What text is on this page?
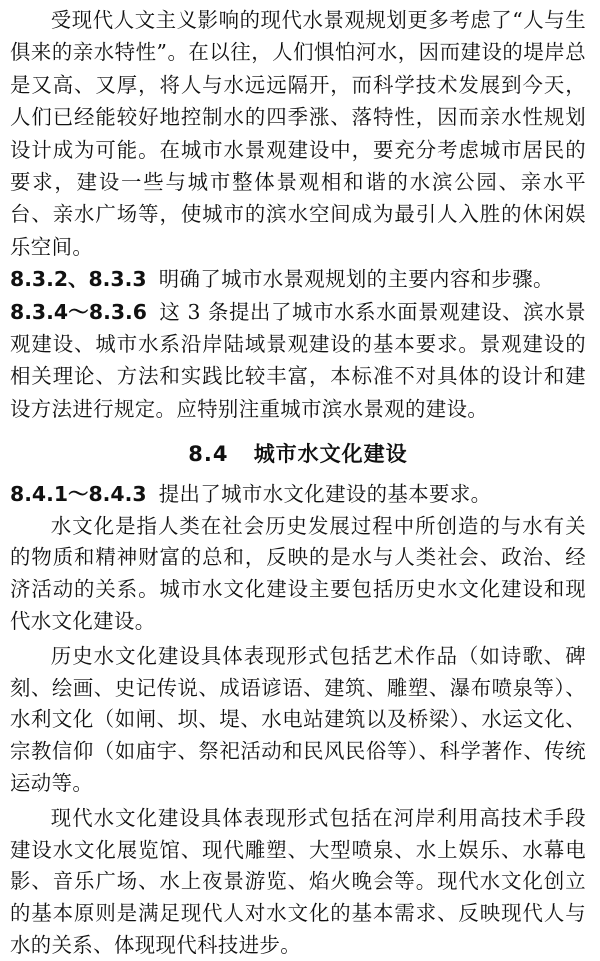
受现代人文主义影响的现代水景观规划更多考虑了“人与生俱来的亲水特性”。在以往，人们惧怕河水，因而建设的堤岸总是又高、又厚，将人与水远远隔开，而科学技术发展到今天，人们已经能较好地控制水的四季涨、落特性，因而亲水性规划设计成为可能。在城市水景观建设中，要充分考虑城市居民的要求，建设一些与城市整体景观相和谐的水滨公园、亲水平台、亲水广场等，使城市的滨水空间成为最引人入胜的休闲娱乐空间。

8.3.2、8.3.3 明确了城市水景观规划的主要内容和步骤。

8.3.4～8.3.6 这 3 条提出了城市水系水面景观建设、滨水景观建设、城市水系沿岸陆域景观建设的基本要求。景观建设的相关理论、方法和实践比较丰富，本标准不对具体的设计和建设方法进行规定。应特别注重城市滨水景观的建设。

8.4 城市水文化建设

8.4.1～8.4.3 提出了城市水文化建设的基本要求。

水文化是指人类在社会历史发展过程中所创造的与水有关的物质和精神财富的总和，反映的是水与人类社会、政治、经济活动的关系。城市水文化建设主要包括历史水文化建设和现代水文化建设。

历史水文化建设具体表现形式包括艺术作品（如诗歌、碑刻、绘画、史记传说、成语谚语、建筑、雕塑、瀑布喷泉等）、水利文化（如闸、坝、堤、水电站建筑以及桥梁）、水运文化、宗教信仰（如庙宇、祭祀活动和民风民俗等）、科学著作、传统运动等。

现代水文化建设具体表现形式包括在河岸利用高技术手段建设水文化展览馆、现代雕塑、大型喷泉、水上娱乐、水幕电影、音乐广场、水上夜景游览、焰火晚会等。现代水文化创立的基本原则是满足现代人对水文化的基本需求、反映现代人与水的关系、体现现代科技进步。
